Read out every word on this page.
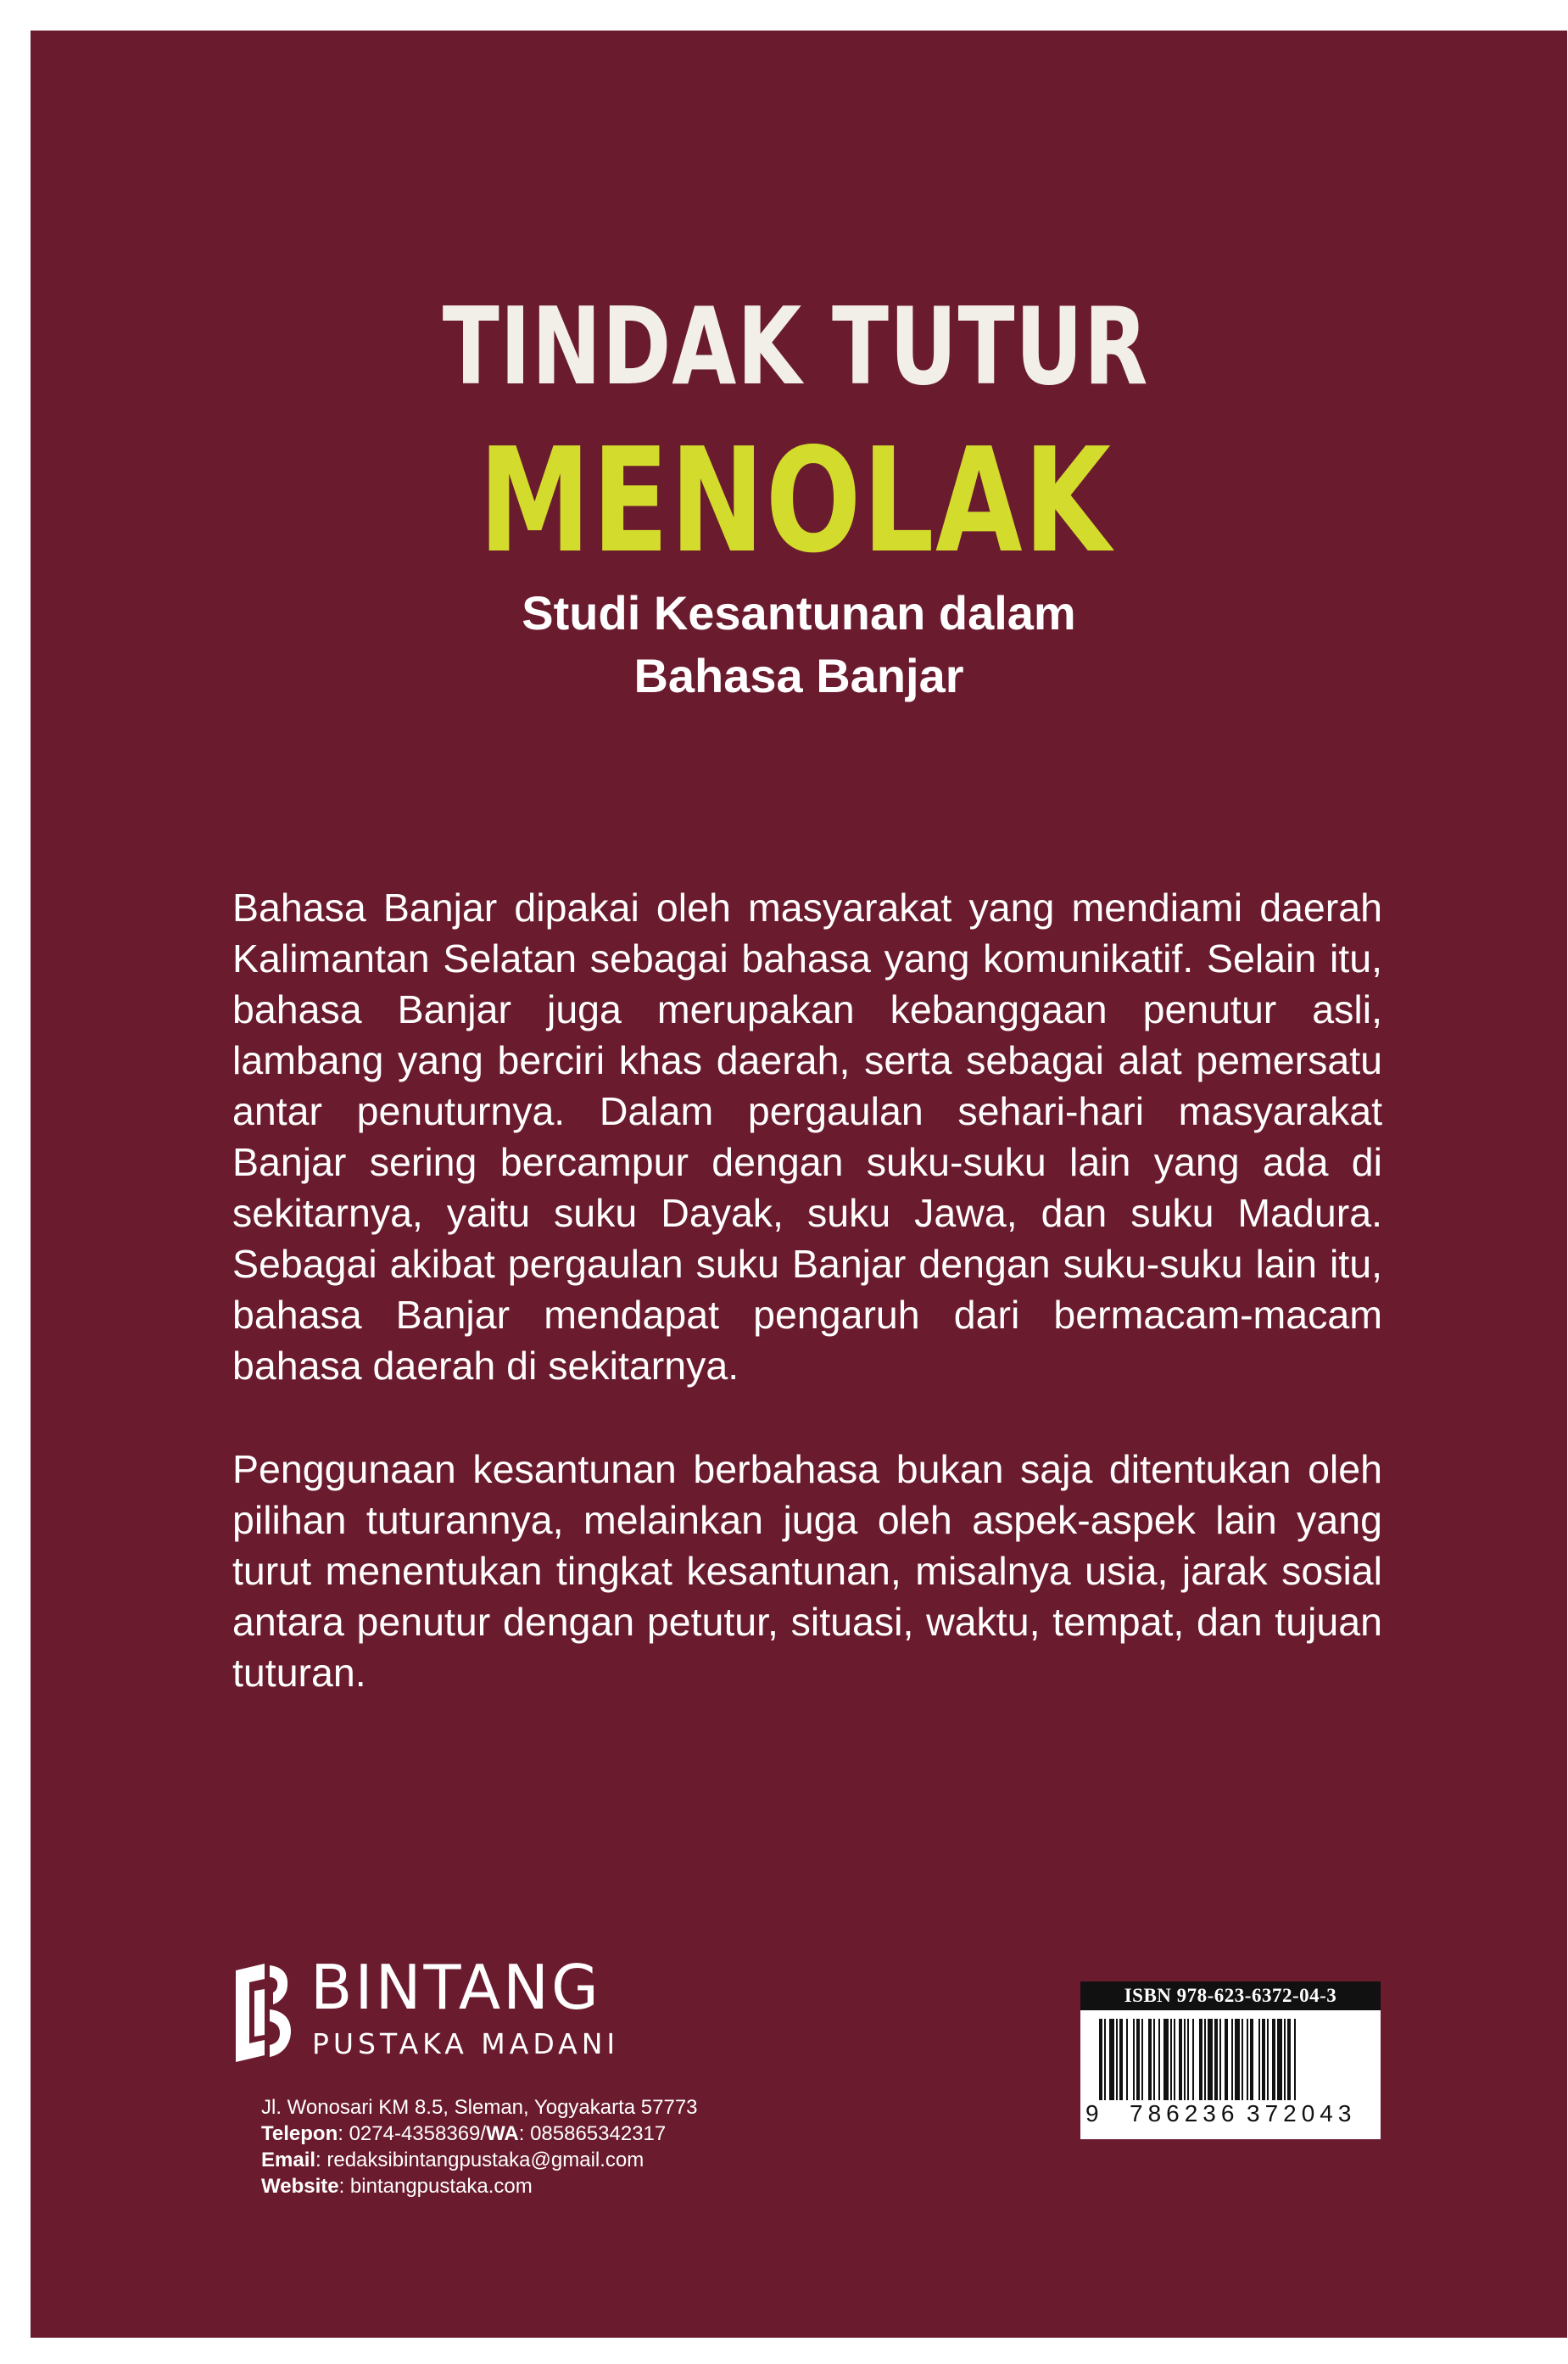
TINDAK TUTUR
MENOLAK
Studi Kesantunan dalam
Bahasa Banjar

Bahasa Banjar dipakai oleh masyarakat yang mendiami daerah Kalimantan Selatan sebagai bahasa yang komunikatif. Selain itu, bahasa Banjar juga merupakan kebanggaan penutur asli, lambang yang berciri khas daerah, serta sebagai alat pemersatu antar penuturnya. Dalam pergaulan sehari-hari masyarakat Banjar sering bercampur dengan suku-suku lain yang ada di sekitarnya, yaitu suku Dayak, suku Jawa, dan suku Madura. Sebagai akibat pergaulan suku Banjar dengan suku-suku lain itu, bahasa Banjar mendapat pengaruh dari bermacam-macam bahasa daerah di sekitarnya.

Penggunaan kesantunan berbahasa bukan saja ditentukan oleh pilihan tuturannya, melainkan juga oleh aspek-aspek lain yang turut menentukan tingkat kesantunan, misalnya usia, jarak sosial antara penutur dengan petutur, situasi, waktu, tempat, dan tujuan tuturan.

BINTANG
PUSTAKA MADANI
Jl. Wonosari KM 8.5, Sleman, Yogyakarta 57773
Telepon: 0274-4358369/WA: 085865342317
Email: redaksibintangpustaka@gmail.com
Website: bintangpustaka.com
ISBN 978-623-6372-04-3
9 786236 372043
